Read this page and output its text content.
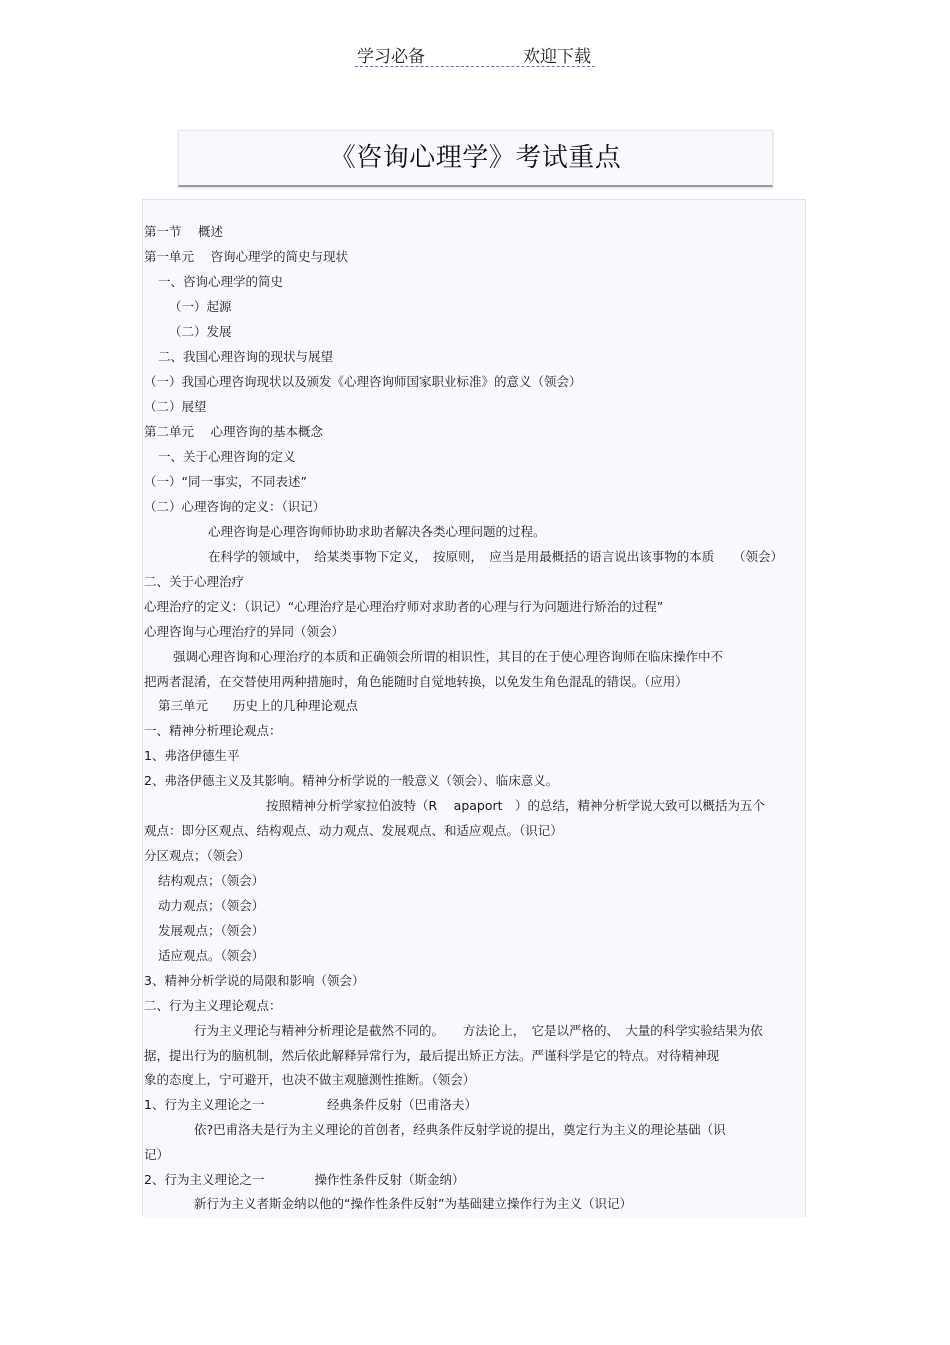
学习必备	欢迎下载
《咨询心理学》考试重点
第一节　 概述
第一单元　 咨询心理学的简史与现状
一、咨询心理学的简史
（一）起源
（二）发展
二、我国心理咨询的现状与展望
（一）我国心理咨询现状以及颁发《心理咨询师国家职业标准》的意义（领会）
（二）展望
第二单元　 心理咨询的基本概念
一、关于心理咨询的定义
（一）“同一事实，不同表述”
（二）心理咨询的定义：（识记）
心理咨询是心理咨询师协助求助者解决各类心理问题的过程。
在科学的领域中，　给某类事物下定义，　按原则，　应当是用最概括的语言说出该事物的本质　　（领会）
二、关于心理治疗
心理治疗的定义：（识记）“心理治疗是心理治疗师对求助者的心理与行为问题进行矫治的过程”
心理咨询与心理治疗的异同（领会）
强调心理咨询和心理治疗的本质和正确领会所谓的相识性，其目的在于使心理咨询师在临床操作中不
把两者混淆，在交替使用两种措施时，角色能随时自觉地转换，以免发生角色混乱的错误。（应用）
第三单元　　历史上的几种理论观点
一、精神分析理论观点：
1、弗洛伊德生平
2、弗洛伊德主义及其影响。精神分析学说的一般意义（领会）、临床意义。
按照精神分析学家拉伯波特（R　 apaport　）的总结，精神分析学说大致可以概括为五个
观点：即分区观点、结构观点、动力观点、发展观点、和适应观点。（识记）
分区观点；（领会）
结构观点；（领会）
动力观点；（领会）
发展观点；（领会）
适应观点。（领会）
3、精神分析学说的局限和影响（领会）
二、行为主义理论观点：
行为主义理论与精神分析理论是截然不同的。　　方法论上，　它是以严格的、　大量的科学实验结果为依
据，提出行为的脑机制，然后依此解释异常行为，最后提出矫正方法。严谨科学是它的特点。对待精神现
象的态度上，宁可避开，也决不做主观臆测性推断。（领会）
1、行为主义理论之一　　　　　经典条件反射（巴甫洛夫）
依?巴甫洛夫是行为主义理论的首创者，经典条件反射学说的提出，奠定行为主义的理论基础（识
记）
2、行为主义理论之一　　　　操作性条件反射（斯金纳）
新行为主义者斯金纳以他的“操作性条件反射”为基础建立操作行为主义（识记）
